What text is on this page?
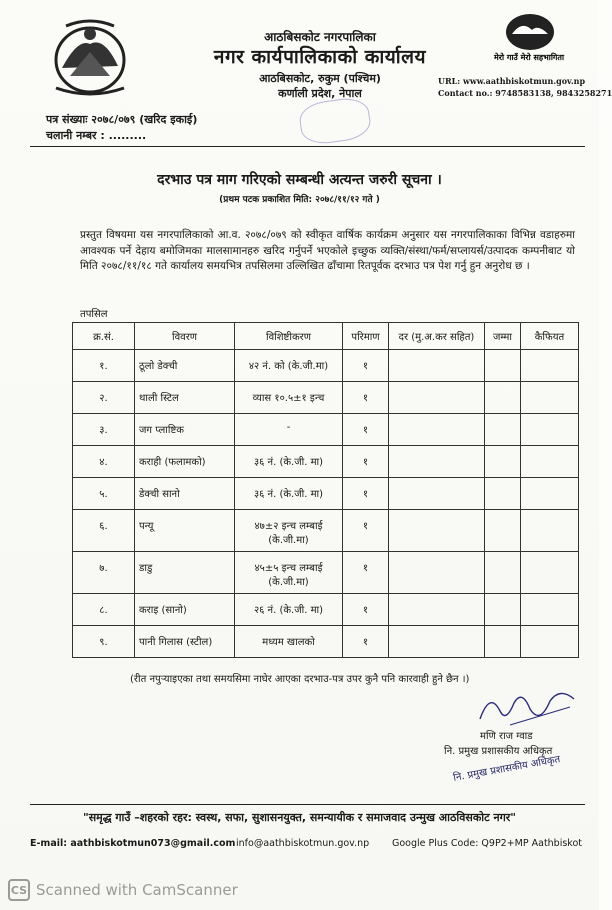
मेरो गाउँ मेरो सहभागिता
आठबिसकोट नगरपालिका
नगर कार्यपालिकाको कार्यालय
आठबिसकोट, रुकुम (पश्चिम)
कर्णाली प्रदेश, नेपाल
URL: www.aathbiskotmun.gov.np
Contact no.: 9748583138, 9843258271
पत्र संख्याः २०७८/०७९ (खरिद इकाई)
चलानी नम्बर : .........
दरभाउ पत्र माग गरिएको सम्बन्धी अत्यन्त जरुरी सूचना ।
(प्रथम पटक प्रकाशित मिति: २०७८/११/१२ गते )
प्रस्तुत विषयमा यस नगरपालिकाको आ.व. २०७८/०७९ को स्वीकृत वार्षिक कार्यक्रम अनुसार यस नगरपालिकाका विभिन्न वडाहरुमा आवश्यक पर्ने देहाय बमोजिमका मालसामानहरु खरिद गर्नुपर्ने भएकोले इच्छुक व्यक्ति/संस्था/फर्म/सप्लायर्स/उत्पादक कम्पनीबाट यो मिति २०७८/११/१८ गते कार्यालय समयभित्र तपसिलमा उल्लिखित ढाँचामा रितपूर्वक दरभाउ पत्र पेश गर्नु हुन अनुरोध छ ।
तपसिल
क्र.सं.	विवरण	विशिष्टीकरण	परिमाण	दर (मु.अ.कर सहित)	जम्मा	कैफियत
१.	ठूलो डेक्ची	४२ नं. को (के.जी.मा)	१			
२.	थाली स्टिल	व्यास १०.५±१ इन्च	१			
३.	जग प्लाष्टिक	-	१			
४.	कराही (फलामको)	३६ नं. (के.जी. मा)	१			
५.	डेक्ची सानो	३६ नं. (के.जी. मा)	१			
६.	पन्यू	४७±२ इन्च लम्बाई (के.जी.मा)	१			
७.	डाडु	४५±५ इन्च लम्बाई (के.जी.मा)	१			
८.	कराइ (सानो)	२६ नं. (के.जी. मा)	१			
९.	पानी गिलास (स्टील)	मध्यम खालको	१			
(रीत नपुऱ्याइएका तथा समयसिमा नाघेर आएका दरभाउ-पत्र उपर कुनै पनि कारवाही हुने छैन ।)
मणि राज ग्वाड
नि. प्रमुख प्रशासकीय अधिकृत
नि. प्रमुख प्रशासकीय अधिकृत
"समृद्ध गाउँ –शहरको रहर: स्वस्थ, सफा, सुशासनयुक्त, समन्यायीक र समाजवाद उन्मुख आठविसकोट नगर"
E-mail: aathbiskotmun073@gmail.com info@aathbiskotmun.gov.np Google Plus Code: Q9P2+MP Aathbiskot
CS Scanned with CamScanner
